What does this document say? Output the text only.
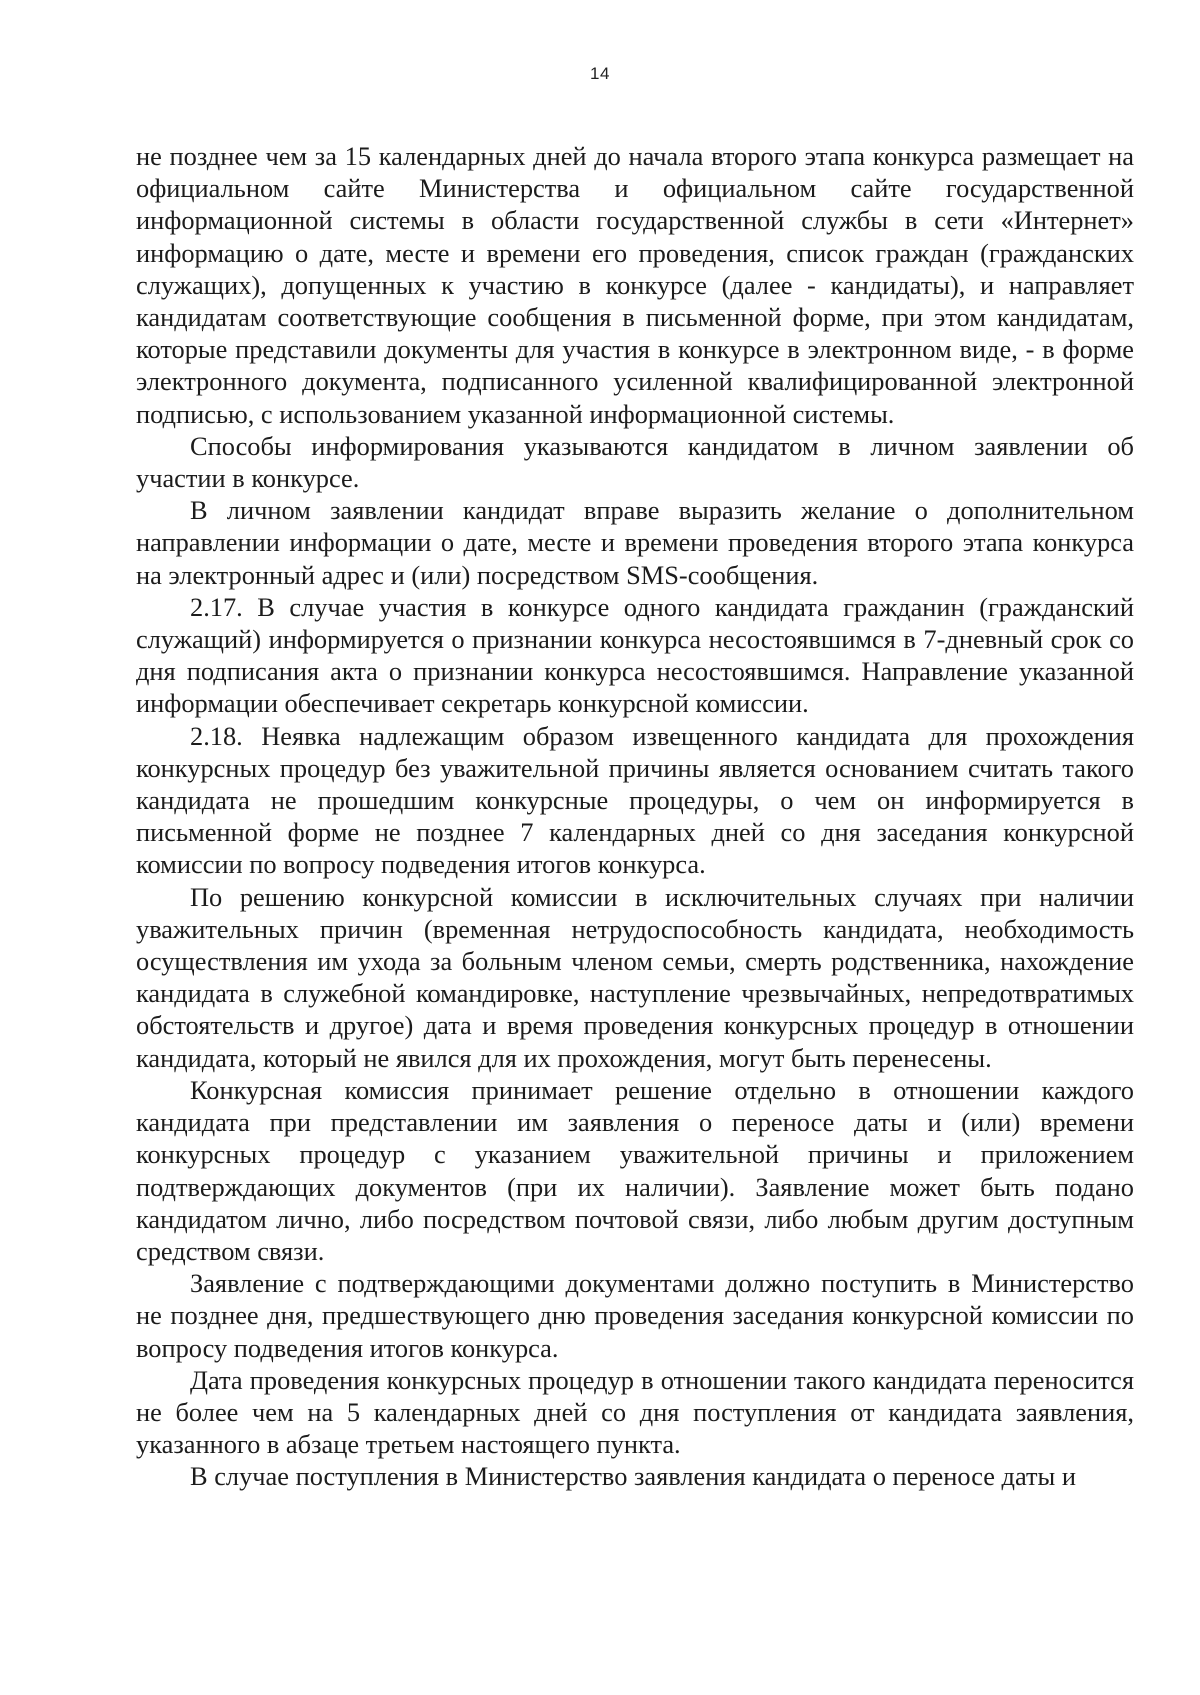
14

не позднее чем за 15 календарных дней до начала второго этапа конкурса размещает на официальном сайте Министерства и официальном сайте государственной информационной системы в области государственной службы в сети «Интернет» информацию о дате, месте и времени его проведения, список граждан (гражданских служащих), допущенных к участию в конкурсе (далее - кандидаты), и направляет кандидатам соответствующие сообщения в письменной форме, при этом кандидатам, которые представили документы для участия в конкурсе в электронном виде, - в форме электронного документа, подписанного усиленной квалифицированной электронной подписью, с использованием указанной информационной системы.

Способы информирования указываются кандидатом в личном заявлении об участии в конкурсе.

В личном заявлении кандидат вправе выразить желание о дополнительном направлении информации о дате, месте и времени проведения второго этапа конкурса на электронный адрес и (или) посредством SMS-сообщения.

2.17. В случае участия в конкурсе одного кандидата гражданин (гражданский служащий) информируется о признании конкурса несостоявшимся в 7-дневный срок со дня подписания акта о признании конкурса несостоявшимся. Направление указанной информации обеспечивает секретарь конкурсной комиссии.

2.18. Неявка надлежащим образом извещенного кандидата для прохождения конкурсных процедур без уважительной причины является основанием считать такого кандидата не прошедшим конкурсные процедуры, о чем он информируется в письменной форме не позднее 7 календарных дней со дня заседания конкурсной комиссии по вопросу подведения итогов конкурса.

По решению конкурсной комиссии в исключительных случаях при наличии уважительных причин (временная нетрудоспособность кандидата, необходимость осуществления им ухода за больным членом семьи, смерть родственника, нахождение кандидата в служебной командировке, наступление чрезвычайных, непредотвратимых обстоятельств и другое) дата и время проведения конкурсных процедур в отношении кандидата, который не явился для их прохождения, могут быть перенесены.

Конкурсная комиссия принимает решение отдельно в отношении каждого кандидата при представлении им заявления о переносе даты и (или) времени конкурсных процедур с указанием уважительной причины и приложением подтверждающих документов (при их наличии). Заявление может быть подано кандидатом лично, либо посредством почтовой связи, либо любым другим доступным средством связи.

Заявление с подтверждающими документами должно поступить в Министерство не позднее дня, предшествующего дню проведения заседания конкурсной комиссии по вопросу подведения итогов конкурса.

Дата проведения конкурсных процедур в отношении такого кандидата переносится не более чем на 5 календарных дней со дня поступления от кандидата заявления, указанного в абзаце третьем настоящего пункта.

В случае поступления в Министерство заявления кандидата о переносе даты и
